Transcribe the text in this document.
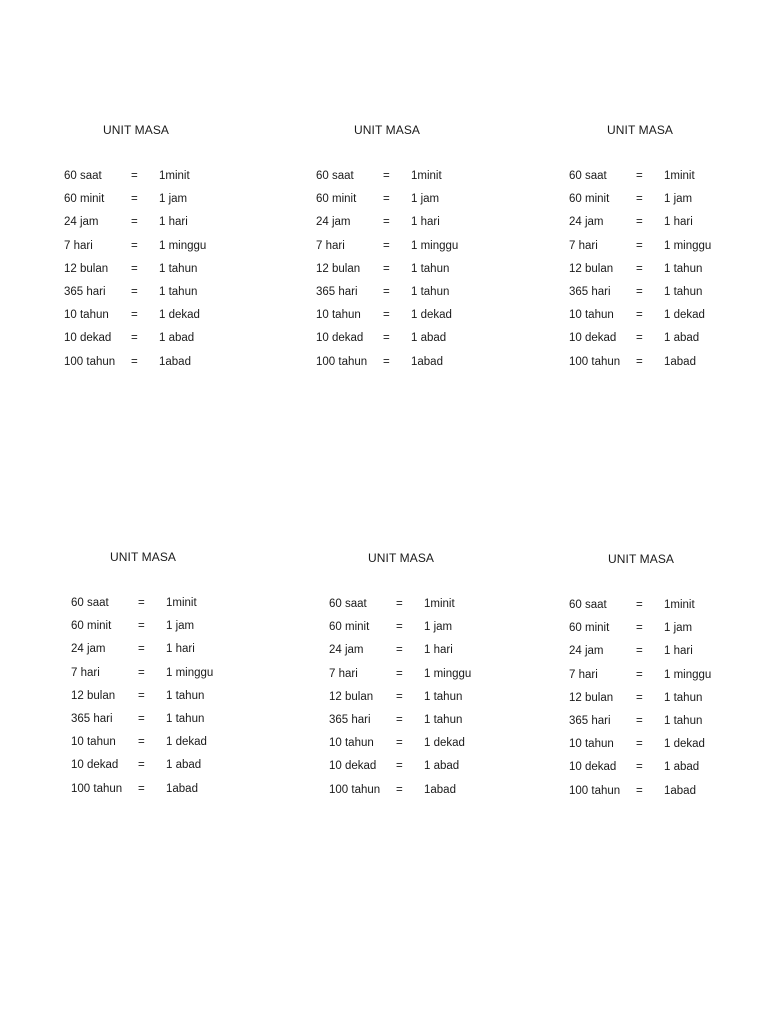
UNIT MASA
60 saat	= 1minit
60 minit = 1 jam
24 jam	= 1 hari
7 hari	= 1 minggu
12 bulan = 1 tahun
365 hari = 1 tahun
10 tahun = 1 dekad
10 dekad = 1 abad
100 tahun = 1abad
UNIT MASA
60 saat	= 1minit
60 minit = 1 jam
24 jam	= 1 hari
7 hari	= 1 minggu
12 bulan = 1 tahun
365 hari = 1 tahun
10 tahun = 1 dekad
10 dekad = 1 abad
100 tahun = 1abad
UNIT MASA
60 saat	= 1minit
60 minit = 1 jam
24 jam	= 1 hari
7 hari	= 1 minggu
12 bulan = 1 tahun
365 hari = 1 tahun
10 tahun = 1 dekad
10 dekad = 1 abad
100 tahun = 1abad
UNIT MASA
60 saat	= 1minit
60 minit = 1 jam
24 jam	= 1 hari
7 hari	= 1 minggu
12 bulan = 1 tahun
365 hari = 1 tahun
10 tahun = 1 dekad
10 dekad = 1 abad
100 tahun = 1abad
UNIT MASA
60 saat	= 1minit
60 minit = 1 jam
24 jam	= 1 hari
7 hari	= 1 minggu
12 bulan = 1 tahun
365 hari = 1 tahun
10 tahun = 1 dekad
10 dekad = 1 abad
100 tahun = 1abad
UNIT MASA
60 saat	= 1minit
60 minit = 1 jam
24 jam	= 1 hari
7 hari	= 1 minggu
12 bulan = 1 tahun
365 hari = 1 tahun
10 tahun = 1 dekad
10 dekad = 1 abad
100 tahun = 1abad
